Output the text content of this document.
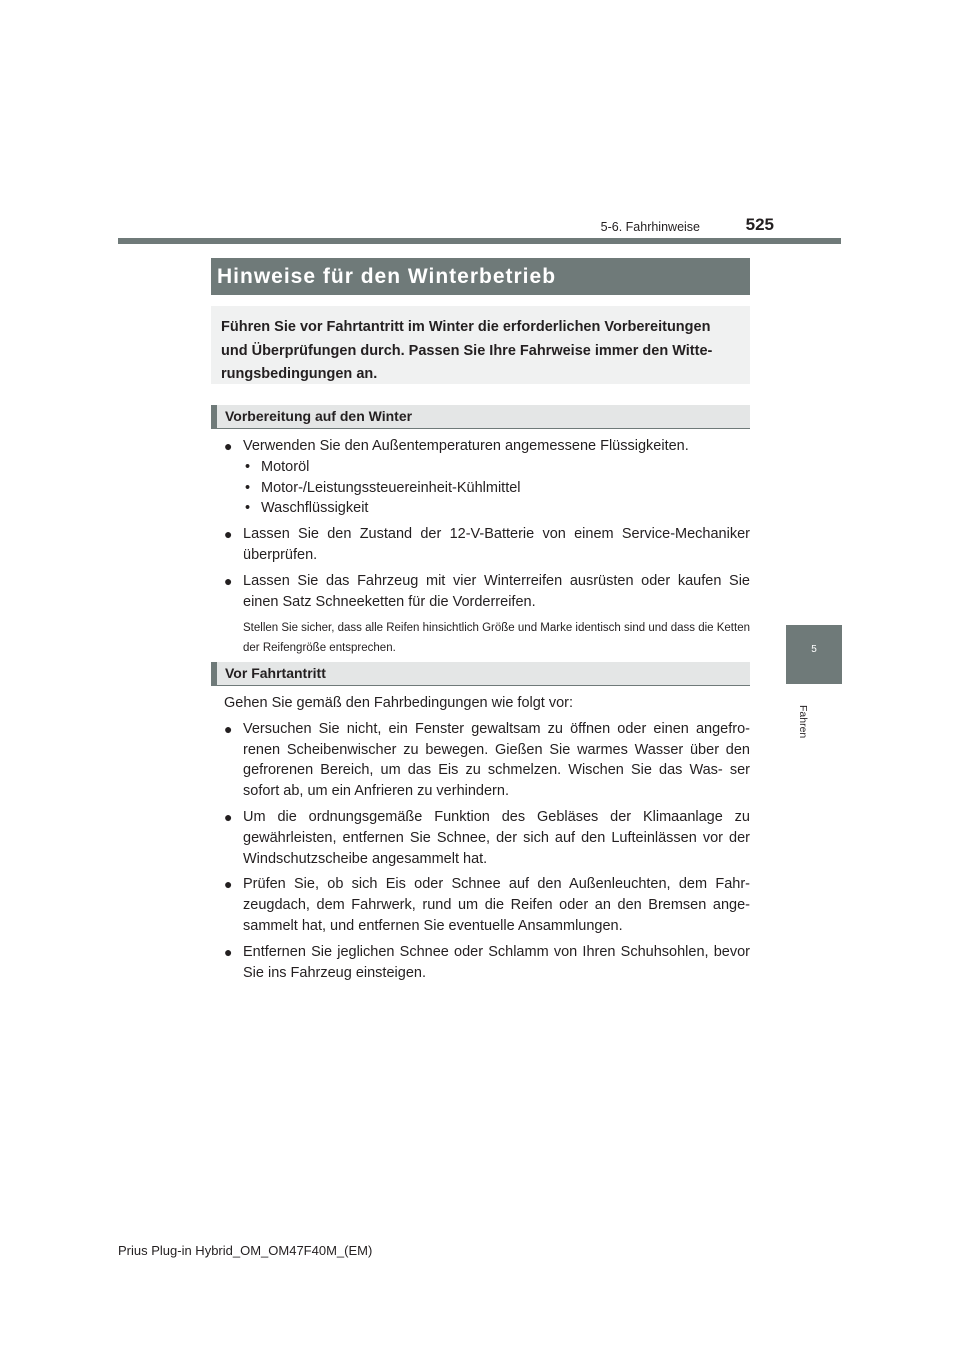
5-6. Fahrhinweise	525
5
Fahren
Hinweise für den Winterbetrieb
Führen Sie vor Fahrtantritt im Winter die erforderlichen Vorbereitungen und Überprüfungen durch. Passen Sie Ihre Fahrweise immer den Witte- rungsbedingungen an.
Vorbereitung auf den Winter

● Verwenden Sie den Außentemperaturen angemessene Flüssigkeiten.

• Motoröl

• Motor-/Leistungssteuereinheit-Kühlmittel

• Waschflüssigkeit

● Lassen Sie den Zustand der 12-V-Batterie von einem Service-Mechaniker überprüfen.

● Lassen Sie das Fahrzeug mit vier Winterreifen ausrüsten oder kaufen Sie einen Satz Schneeketten für die Vorderreifen.

Stellen Sie sicher, dass alle Reifen hinsichtlich Größe und Marke identisch sind und dass die Ketten der Reifengröße entsprechen.

Vor Fahrtantritt

Gehen Sie gemäß den Fahrbedingungen wie folgt vor:

● Versuchen Sie nicht, ein Fenster gewaltsam zu öffnen oder einen angefro- renen Scheibenwischer zu bewegen. Gießen Sie warmes Wasser über den gefrorenen Bereich, um das Eis zu schmelzen. Wischen Sie das Was- ser sofort ab, um ein Anfrieren zu verhindern.

● Um die ordnungsgemäße Funktion des Gebläses der Klimaanlage zu gewährleisten, entfernen Sie Schnee, der sich auf den Lufteinlässen vor der Windschutzscheibe angesammelt hat.

● Prüfen Sie, ob sich Eis oder Schnee auf den Außenleuchten, dem Fahr- zeugdach, dem Fahrwerk, rund um die Reifen oder an den Bremsen ange- sammelt hat, und entfernen Sie eventuelle Ansammlungen.

● Entfernen Sie jeglichen Schnee oder Schlamm von Ihren Schuhsohlen, bevor Sie ins Fahrzeug einsteigen.

Prius Plug-in Hybrid_OM_OM47F40M_(EM)
